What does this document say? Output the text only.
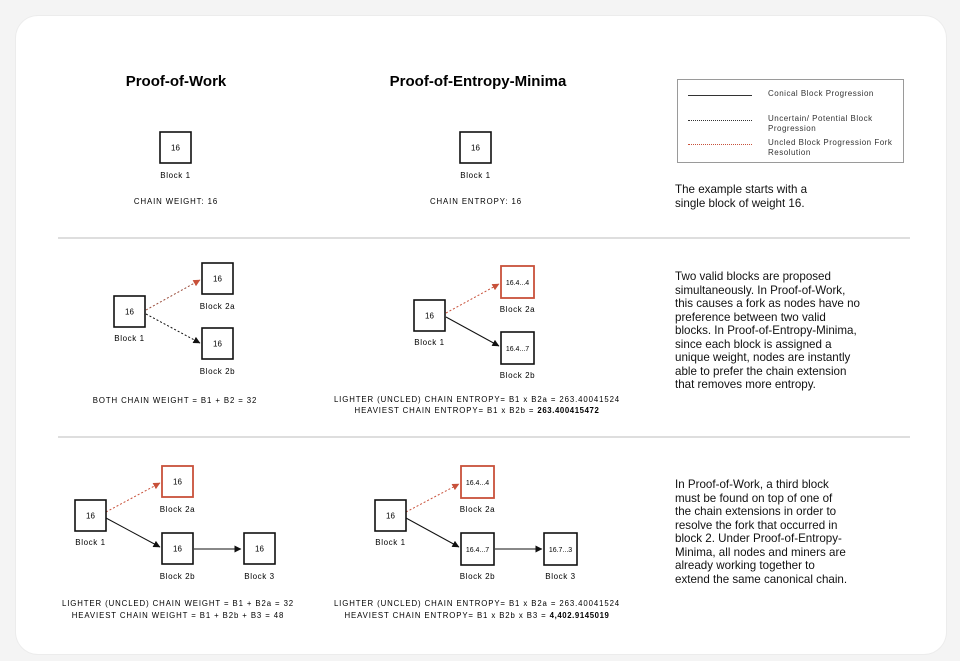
Proof-of-Work	Proof-of-Entropy-Minima
16
Block 1
CHAIN WEIGHT: 16
16
Block 1
CHAIN ENTROPY: 16
16
Block 1
16
Block 2a
16
Block 2b
BOTH CHAIN WEIGHT = B1 + B2 = 32
16
Block 1
16.4...4
Block 2a
16.4...7
Block 2b
LIGHTER (UNCLED) CHAIN ENTROPY= B1 x B2a = 263.40041524
HEAVIEST CHAIN ENTROPY= B1 x B2b = 263.400415472
16
Block 1
16
Block 2a
16
Block 2b
16
Block 3
LIGHTER (UNCLED) CHAIN WEIGHT = B1 + B2a = 32
HEAVIEST CHAIN WEIGHT = B1 + B2b + B3 = 48
16
Block 1
16.4...4
Block 2a
16.4...7
Block 2b
16.7...3
Block 3
LIGHTER (UNCLED) CHAIN ENTROPY= B1 x B2a = 263.40041524
HEAVIEST CHAIN ENTROPY= B1 x B2b x B3 = 4,402.9145019
Conical Block Progression
Uncertain/ Potential Block Progression
Uncled Block Progression Fork Resolution
The example starts with a
single block of weight 16.
Two valid blocks are proposed
simultaneously. In Proof-of-Work,
this causes a fork as nodes have no
preference between two valid
blocks. In Proof-of-Entropy-Minima,
since each block is assigned a
unique weight, nodes are instantly
able to prefer the chain extension
that removes more entropy.
In Proof-of-Work, a third block
must be found on top of one of
the chain extensions in order to
resolve the fork that occurred in
block 2. Under Proof-of-Entropy-
Minima, all nodes and miners are
already working together to
extend the same canonical chain.
